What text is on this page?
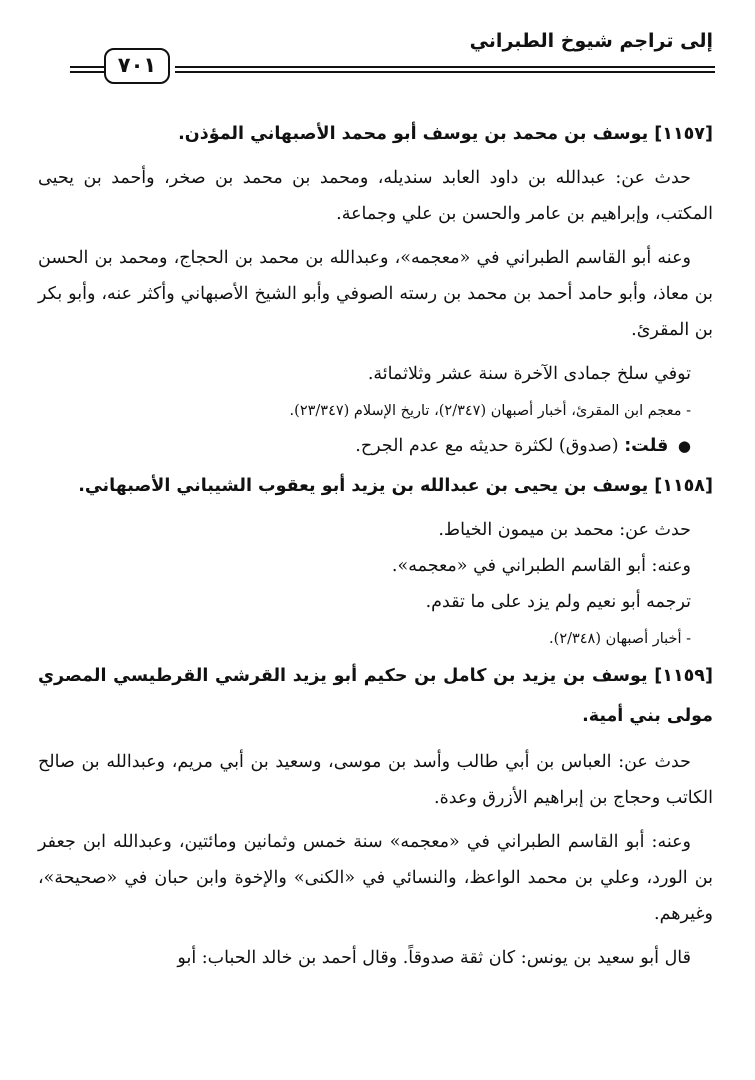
إلى تراجم شيوخ الطبراني
٧٠١
[١١٥٧] يوسف بن محمد بن يوسف أبو محمد الأصبهاني المؤذن.

حدث عن: عبدالله بن داود العابد سنديله، ومحمد بن محمد بن صخر، وأحمد بن يحيى المكتب، وإبراهيم بن عامر والحسن بن علي وجماعة.

وعنه أبو القاسم الطبراني في «معجمه»، وعبدالله بن محمد بن الحجاج، ومحمد بن الحسن بن معاذ، وأبو حامد أحمد بن محمد بن رسته الصوفي وأبو الشيخ الأصبهاني وأكثر عنه، وأبو بكر بن المقرئ.

توفي سلخ جمادى الآخرة سنة عشر وثلاثمائة.

- معجم ابن المقرئ، أخبار أصبهان (٢/٣٤٧)، تاريخ الإسلام (٢٣/٣٤٧).

● قلت: (صدوق) لكثرة حديثه مع عدم الجرح.

[١١٥٨] يوسف بن يحيى بن عبدالله بن يزيد أبو يعقوب الشيباني الأصبهاني.

حدث عن: محمد بن ميمون الخياط.

وعنه: أبو القاسم الطبراني في «معجمه».

ترجمه أبو نعيم ولم يزد على ما تقدم.

- أخبار أصبهان (٢/٣٤٨).

[١١٥٩] يوسف بن يزيد بن كامل بن حكيم أبو يزيد القرشي القرطيسي المصري مولى بني أمية.

حدث عن: العباس بن أبي طالب وأسد بن موسى، وسعيد بن أبي مريم، وعبدالله بن صالح الكاتب وحجاج بن إبراهيم الأزرق وعدة.

وعنه: أبو القاسم الطبراني في «معجمه» سنة خمس وثمانين ومائتين، وعبدالله ابن جعفر بن الورد، وعلي بن محمد الواعظ، والنسائي في «الكنى» والإخوة وابن حبان في «صحيحة»، وغيرهم.

قال أبو سعيد بن يونس: كان ثقة صدوقاً. وقال أحمد بن خالد الحباب: أبو
